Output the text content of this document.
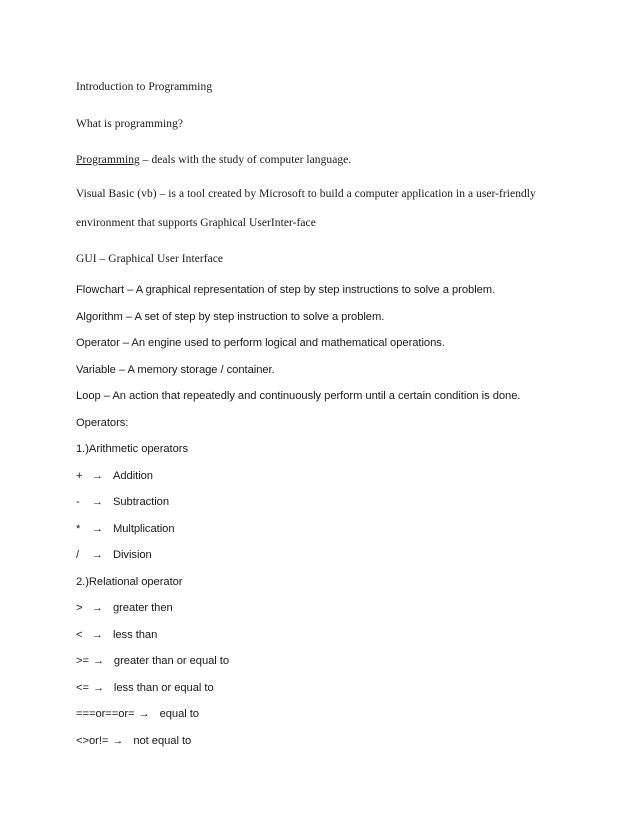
Introduction to Programming
What is programming?
Programming – deals with the study of computer language.
Visual Basic (vb) – is a tool created by Microsoft to build a computer application in a user-friendly
environment that supports Graphical UserInter-face
GUI – Graphical User Interface
Flowchart – A graphical representation of step by step instructions to solve a problem.
Algorithm – A set of step by step instruction to solve a problem.
Operator – An engine used to perform logical and mathematical operations.
Variable – A memory storage / container.
Loop – An action that repeatedly and continuously perform until a certain condition is done.
Operators:
1.)Arithmetic operators
+ → Addition
- → Subtraction
* → Multplication
/ → Division
2.)Relational operator
> → greater then
< → less than
>= → greater than or equal to
<= → less than or equal to
===or==or= → equal to
<>or!= → not equal to
